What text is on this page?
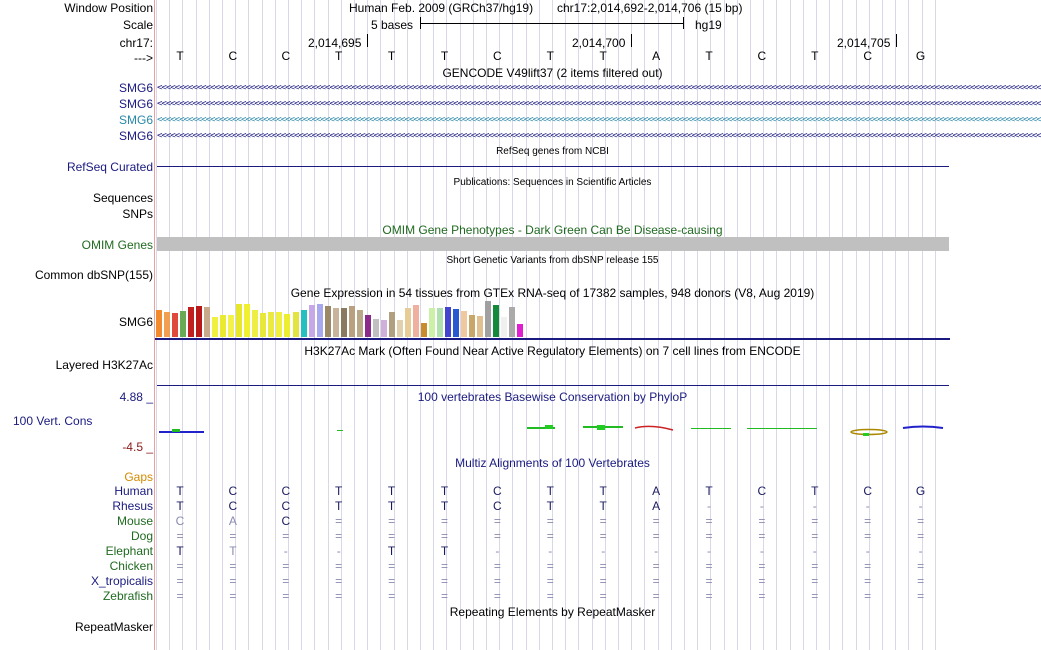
Window Position
Scale
chr17:
--->
Human Feb. 2009 (GRCh37/hg19) chr17:2,014,692-2,014,706 (15 bp)
5 bases	hg19
2,014,695	2,014,700	2,014,705
T	C	C	T	T	T	C	T	T	A	T	C	T	C	G
GENCODE V49lift37 (2 items filtered out)
SMG6
SMG6
SMG6
SMG6
<<<<<<<<<<<<<<<<<<<<<<<<<<<<<<<<<<<<<<<<<<<<<<<<<<<<<<<<<<<<<<<<<<<<<<<<<<<<<<<<<<<<<<<<<<<<<<<<<<<<<<<<<<<<<<<<<<<<<<<<<<<<<<<<<<<<<<<<<<<<<<<<<<<<<<<<<<<<<<<<<<<<<<<<<<<<<<<<<<<<<<<<<<<<<<<<<<<<<<<<
<<<<<<<<<<<<<<<<<<<<<<<<<<<<<<<<<<<<<<<<<<<<<<<<<<<<<<<<<<<<<<<<<<<<<<<<<<<<<<<<<<<<<<<<<<<<<<<<<<<<<<<<<<<<<<<<<<<<<<<<<<<<<<<<<<<<<<<<<<<<<<<<<<<<<<<<<<<<<<<<<<<<<<<<<<<<<<<<<<<<<<<<<<<<<<<<<<<<<<<<
<<<<<<<<<<<<<<<<<<<<<<<<<<<<<<<<<<<<<<<<<<<<<<<<<<<<<<<<<<<<<<<<<<<<<<<<<<<<<<<<<<<<<<<<<<<<<<<<<<<<<<<<<<<<<<<<<<<<<<<<<<<<<<<<<<<<<<<<<<<<<<<<<<<<<<<<<<<<<<<<<<<<<<<<<<<<<<<<<<<<<<<<<<<<<<<<<<<<<<<<
<<<<<<<<<<<<<<<<<<<<<<<<<<<<<<<<<<<<<<<<<<<<<<<<<<<<<<<<<<<<<<<<<<<<<<<<<<<<<<<<<<<<<<<<<<<<<<<<<<<<<<<<<<<<<<<<<<<<<<<<<<<<<<<<<<<<<<<<<<<<<<<<<<<<<<<<<<<<<<<<<<<<<<<<<<<<<<<<<<<<<<<<<<<<<<<<<<<<<<<<
RefSeq genes from NCBI
RefSeq Curated
Publications: Sequences in Scientific Articles
Sequences
SNPs
OMIM Gene Phenotypes - Dark Green Can Be Disease-causing
OMIM Genes
Short Genetic Variants from dbSNP release 155
Common dbSNP(155)
Gene Expression in 54 tissues from GTEx RNA-seq of 17382 samples, 948 donors (V8, Aug 2019)
SMG6
H3K27Ac Mark (Often Found Near Active Regulatory Elements) on 7 cell lines from ENCODE
Layered H3K27Ac
100 vertebrates Basewise Conservation by PhyloP
4.88 _
100 Vert. Cons
-4.5 _
Multiz Alignments of 100 Vertebrates
Gaps
Human	T	C	C	T	T	T	C	T	T	A	T	C	T	C	G
Rhesus	T	C	C	T	T	T	C	T	T	A	-	-	-	-	-
Mouse	C	A	C	=	=	=	=	=	=	=	=	=	=	=	=
Dog	=	=	=	=	=	=	=	=	=	=	=	=	=	=	=
Elephant	T	T	-	-	T	T	-	-	-	-	-	-	-	-	-
Chicken	=	=	=	=	=	=	=	=	=	=	=	=	=	=	=
X_tropicalis	=	=	=	=	=	=	=	=	=	=	=	=	=	=	=
Zebrafish	=	=	=	=	=	=	=	=	=	=	=	=	=	=	=
Repeating Elements by RepeatMasker
RepeatMasker
